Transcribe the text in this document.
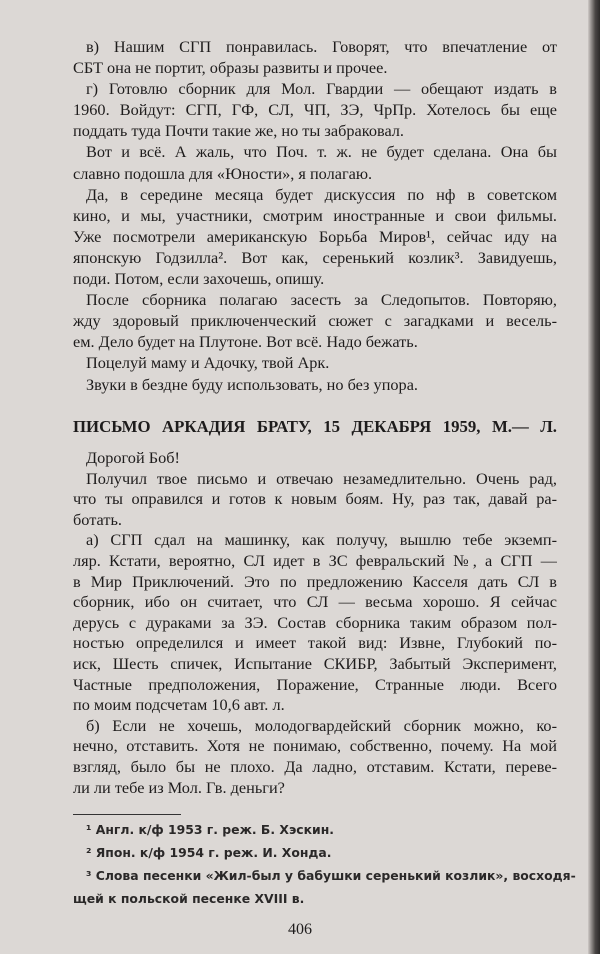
в) Нашим СГП понравилась. Говорят, что впечатление от
СБТ она не портит, образы развиты и прочее.
г) Готовлю сборник для Мол. Гвардии — обещают издать в
1960. Войдут: СГП, ГФ, СЛ, ЧП, ЗЭ, ЧрПр. Хотелось бы еще
поддать туда Почти такие же, но ты забраковал.
Вот и всё. А жаль, что Поч. т. ж. не будет сделана. Она бы
славно подошла для «Юности», я полагаю.
Да, в середине месяца будет дискуссия по нф в советском
кино, и мы, участники, смотрим иностранные и свои фильмы.
Уже посмотрели американскую Борьба Миров¹, сейчас иду на
японскую Годзилла². Вот как, серенький козлик³. Завидуешь,
поди. Потом, если захочешь, опишу.
После сборника полагаю засесть за Следопытов. Повторяю,
жду здоровый приключенческий сюжет с загадками и весель-
ем. Дело будет на Плутоне. Вот всё. Надо бежать.
Поцелуй маму и Адочку, твой Арк.
Звуки в бездне буду использовать, но без упора.
ПИСЬМО АРКАДИЯ БРАТУ, 15 ДЕКАБРЯ 1959, М.— Л.
Дорогой Боб!
Получил твое письмо и отвечаю незамедлительно. Очень рад,
что ты оправился и готов к новым боям. Ну, раз так, давай ра-
ботать.
а) СГП сдал на машинку, как получу, вышлю тебе экземп-
ляр. Кстати, вероятно, СЛ идет в ЗС февральский №, а СГП —
в Мир Приключений. Это по предложению Касселя дать СЛ в
сборник, ибо он считает, что СЛ — весьма хорошо. Я сейчас
дерусь с дураками за ЗЭ. Состав сборника таким образом пол-
ностью определился и имеет такой вид: Извне, Глубокий по-
иск, Шесть спичек, Испытание СКИБР, Забытый Эксперимент,
Частные предположения, Поражение, Странные люди. Всего
по моим подсчетам 10,6 авт. л.
б) Если не хочешь, молодогвардейский сборник можно, ко-
нечно, отставить. Хотя не понимаю, собственно, почему. На мой
взгляд, было бы не плохо. Да ладно, отставим. Кстати, переве-
ли ли тебе из Мол. Гв. деньги?
¹ Англ. к/ф 1953 г. реж. Б. Хэскин.
² Япон. к/ф 1954 г. реж. И. Хонда.
³ Слова песенки «Жил-был у бабушки серенький козлик», восходя-
щей к польской песенке XVIII в.
406
